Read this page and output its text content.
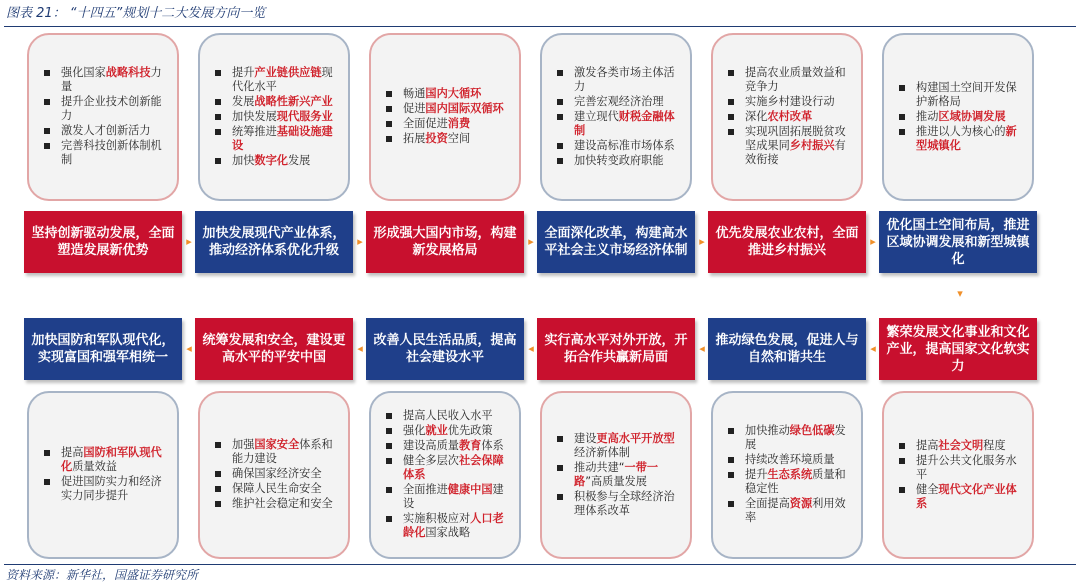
图表 21： “十四五”规划十二大发展方向一览
资料来源：新华社，国盛证券研究所
强化国家战略科技力量
提升企业技术创新能力
激发人才创新活力
完善科技创新体制机制
坚持创新驱动发展，全面塑造发展新优势
提升产业链供应链现代化水平
发展战略性新兴产业
加快发展现代服务业
统筹推进基础设施建设
加快数字化发展
加快发展现代产业体系，推动经济体系优化升级
畅通国内大循环
促进国内国际双循环
全面促进消费
拓展投资空间
形成强大国内市场，构建新发展格局
激发各类市场主体活力
完善宏观经济治理
建立现代财税金融体制
建设高标准市场体系
加快转变政府职能
全面深化改革，构建高水平社会主义市场经济体制
提高农业质量效益和竞争力
实施乡村建设行动
深化农村改革
实现巩固拓展脱贫攻坚成果同乡村振兴有效衔接
优先发展农业农村，全面推进乡村振兴
构建国土空间开发保护新格局
推动区域协调发展
推进以人为核心的新型城镇化
优化国土空间布局，推进区域协调发展和新型城镇化
提高国防和军队现代化质量效益
促进国防实力和经济实力同步提升
加快国防和军队现代化，实现富国和强军相统一
加强国家安全体系和能力建设
确保国家经济安全
保障人民生命安全
维护社会稳定和安全
统筹发展和安全，建设更高水平的平安中国
提高人民收入水平
强化就业优先政策
建设高质量教育体系
健全多层次社会保障体系
全面推进健康中国建设
实施积极应对人口老龄化国家战略
改善人民生活品质，提高社会建设水平
建设更高水平开放型经济新体制
推动共建“一带一路”高质量发展
积极参与全球经济治理体系改革
实行高水平对外开放，开拓合作共赢新局面
加快推动绿色低碳发展
持续改善环境质量
提升生态系统质量和稳定性
全面提高资源利用效率
推动绿色发展，促进人与自然和谐共生
提高社会文明程度
提升公共文化服务水平
健全现代文化产业体系
繁荣发展文化事业和文化产业，提高国家文化软实力
▸	▸	▸	▸	▸
▾
◂	◂	◂	◂	◂
